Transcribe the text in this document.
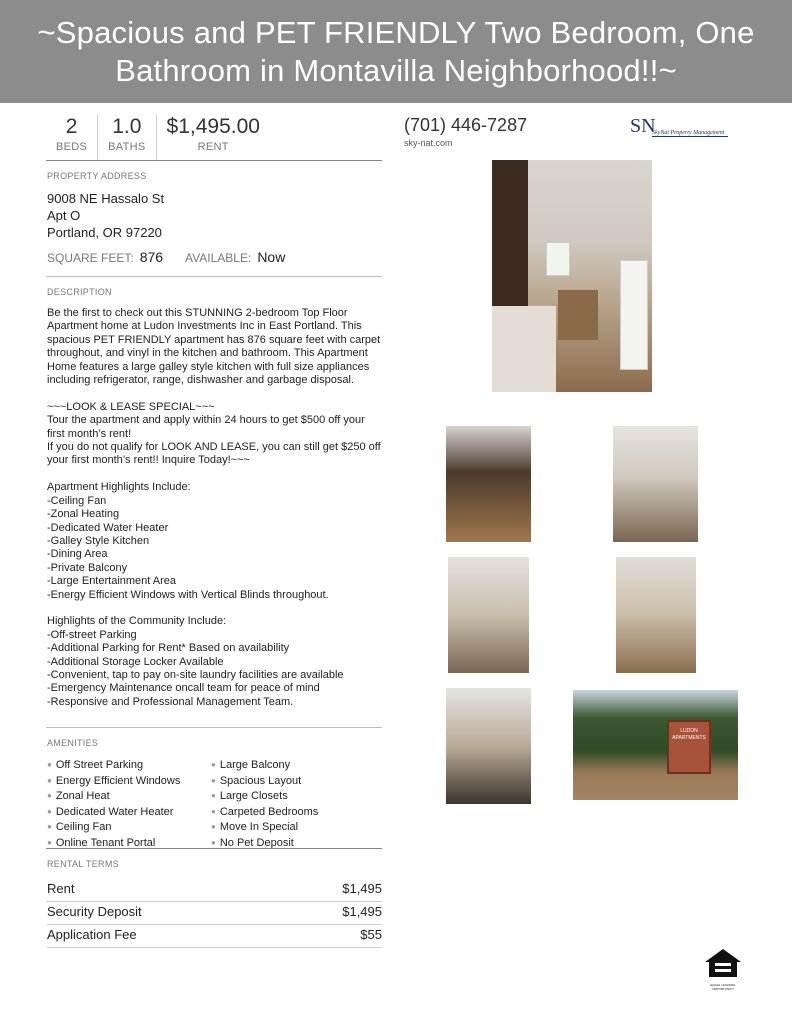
~Spacious and PET FRIENDLY Two Bedroom, One Bathroom in Montavilla Neighborhood!!~
2
BEDS
1.0
BATHS
$1,495.00
RENT
PROPERTY ADDRESS
9008 NE Hassalo St
Apt O
Portland, OR 97220
SQUARE FEET: 876 AVAILABLE: Now
DESCRIPTION
Be the first to check out this STUNNING 2-bedroom Top Floor Apartment home at Ludon Investments Inc in East Portland. This spacious PET FRIENDLY apartment has 876 square feet with carpet throughout, and vinyl in the kitchen and bathroom. This Apartment Home features a large galley style kitchen with full size appliances including refrigerator, range, dishwasher and garbage disposal.

~~~LOOK & LEASE SPECIAL~~~
Tour the apartment and apply within 24 hours to get $500 off your first month’s rent!
If you do not qualify for LOOK AND LEASE, you can still get $250 off your first month’s rent!! Inquire Today!~~~

Apartment Highlights Include:
-Ceiling Fan
-Zonal Heating
-Dedicated Water Heater
-Galley Style Kitchen
-Dining Area
-Private Balcony
-Large Entertainment Area
-Energy Efficient Windows with Vertical Blinds throughout.

Highlights of the Community Include:
-Off-street Parking
-Additional Parking for Rent* Based on availability
-Additional Storage Locker Available
-Convenient, tap to pay on-site laundry facilities are available
-Emergency Maintenance oncall team for peace of mind
-Responsive and Professional Management Team.
AMENITIES
● Off Street Parking	● Large Balcony
● Energy Efficient Windows	● Spacious Layout
● Zonal Heat	● Large Closets
● Dedicated Water Heater	● Carpeted Bedrooms
● Ceiling Fan	● Move In Special
● Online Tenant Portal	● No Pet Deposit
RENTAL TERMS
Rent	$1,495
Security Deposit	$1,495
Application Fee	$55
(701) 446-7287
sky-nat.com
SN
SkyNat Property Management
LUDON APARTMENTS
EQUAL HOUSING OPPORTUNITY
